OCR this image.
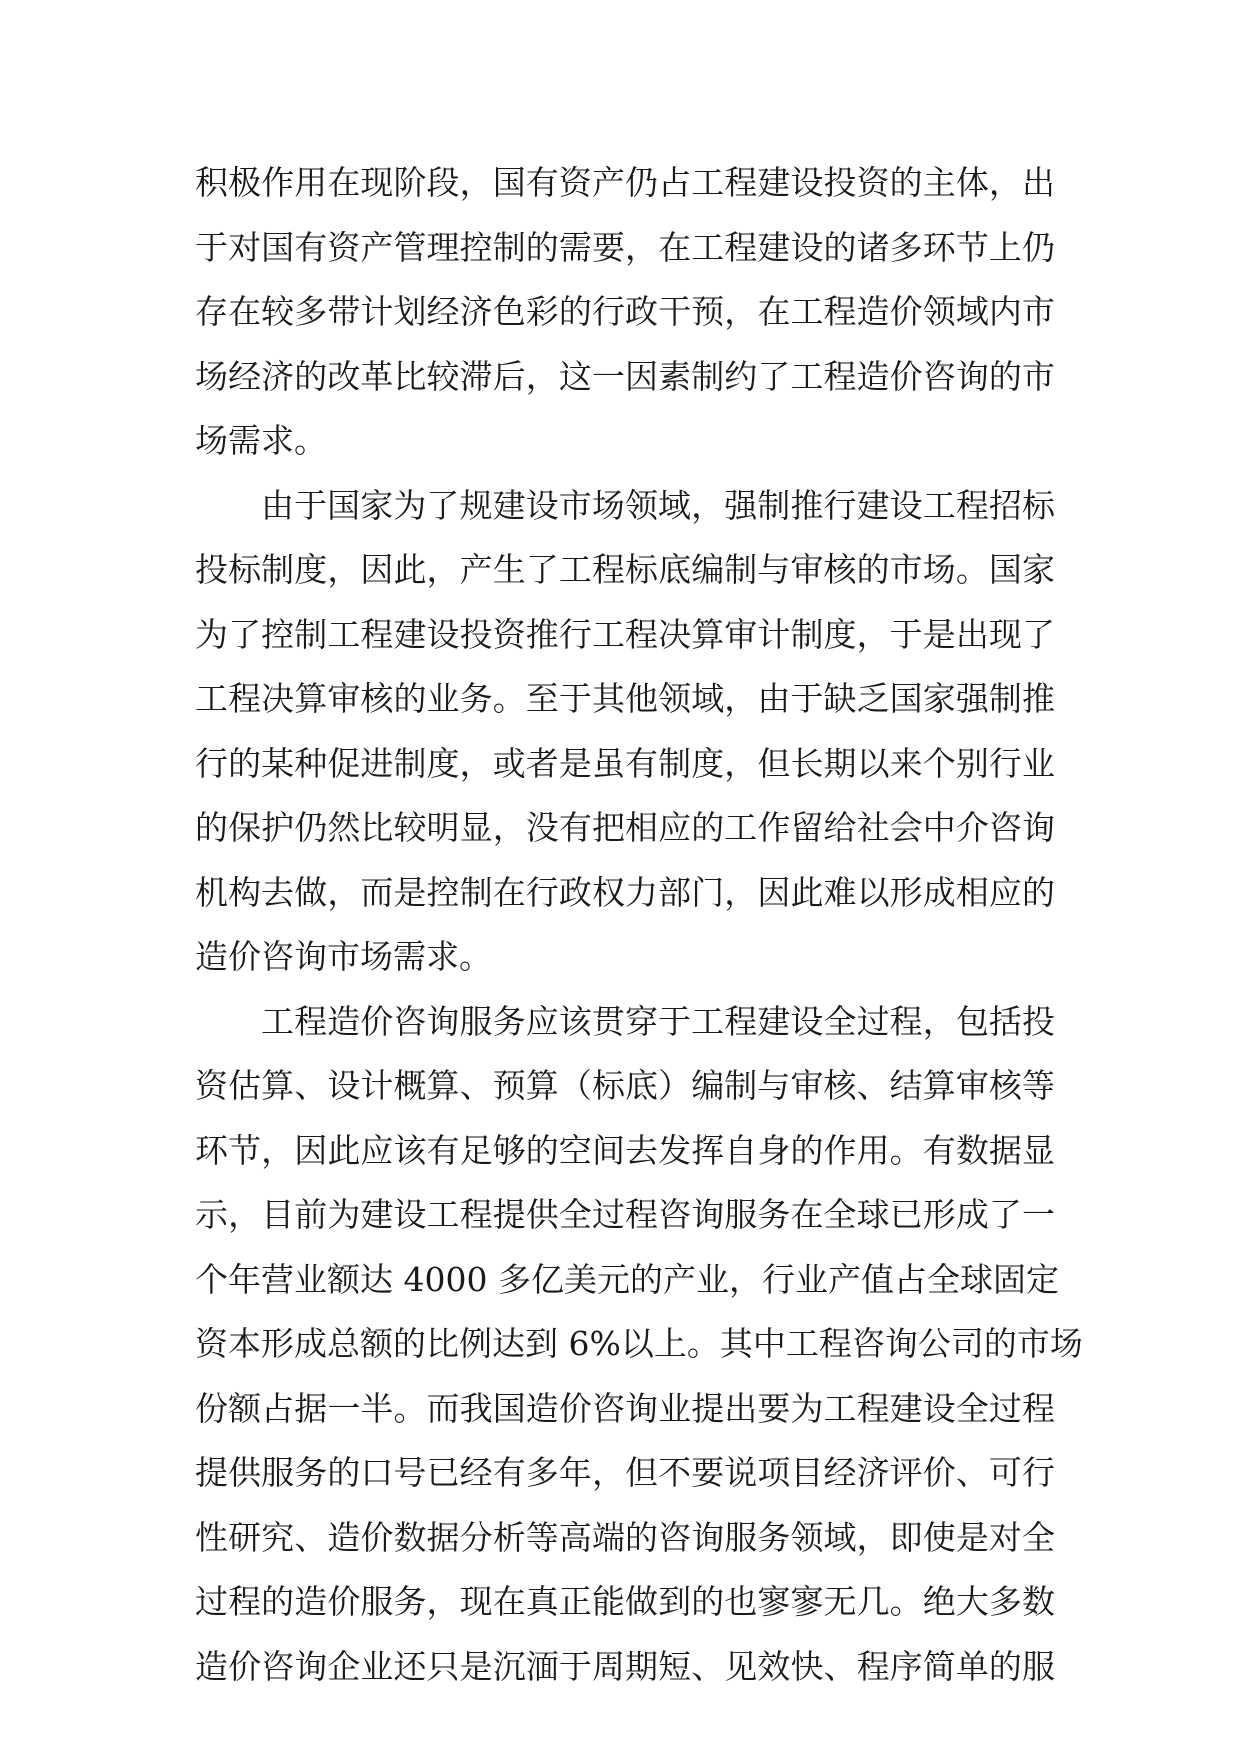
积极作用在现阶段，国有资产仍占工程建设投资的主体，出
于对国有资产管理控制的需要，在工程建设的诸多环节上仍
存在较多带计划经济色彩的行政干预，在工程造价领域内市
场经济的改革比较滞后，这一因素制约了工程造价咨询的市
场需求。
由于国家为了规建设市场领域，强制推行建设工程招标
投标制度，因此，产生了工程标底编制与审核的市场。国家
为了控制工程建设投资推行工程决算审计制度，于是出现了
工程决算审核的业务。至于其他领域，由于缺乏国家强制推
行的某种促进制度，或者是虽有制度，但长期以来个别行业
的保护仍然比较明显，没有把相应的工作留给社会中介咨询
机构去做，而是控制在行政权力部门，因此难以形成相应的
造价咨询市场需求。
工程造价咨询服务应该贯穿于工程建设全过程，包括投
资估算、设计概算、预算（标底）编制与审核、结算审核等
环节，因此应该有足够的空间去发挥自身的作用。有数据显
示，目前为建设工程提供全过程咨询服务在全球已形成了一
个年营业额达 4000 多亿美元的产业，行业产值占全球固定
资本形成总额的比例达到 6%以上。其中工程咨询公司的市场
份额占据一半。而我国造价咨询业提出要为工程建设全过程
提供服务的口号已经有多年，但不要说项目经济评价、可行
性研究、造价数据分析等高端的咨询服务领域，即使是对全
过程的造价服务，现在真正能做到的也寥寥无几。绝大多数
造价咨询企业还只是沉湎于周期短、见效快、程序简单的服
